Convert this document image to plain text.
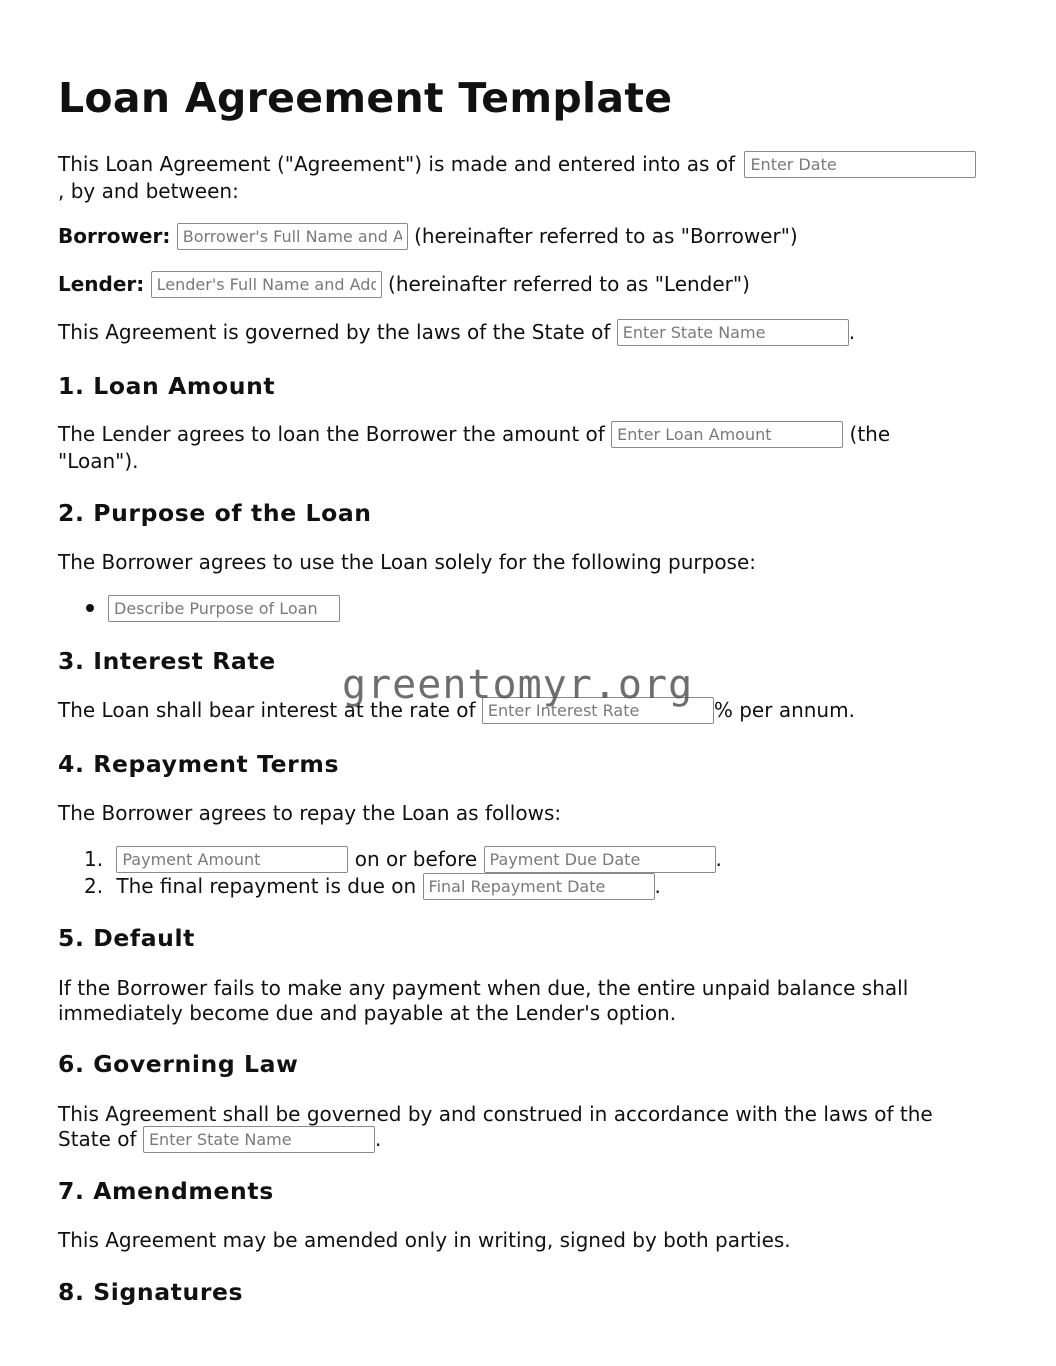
Loan Agreement Template
This Loan Agreement ("Agreement") is made and entered into as of Enter Date
, by and between:
Borrower: Borrower's Full Name and Address	(hereinafter referred to as "Borrower")
Lender: Lender's Full Name and Address	(hereinafter referred to as "Lender")
This Agreement is governed by the laws of the State of Enter State Name	.
1. Loan Amount
The Lender agrees to loan the Borrower the amount of Enter Loan Amount	(the
"Loan").
2. Purpose of the Loan
The Borrower agrees to use the Loan solely for the following purpose:
Describe Purpose of Loan
3. Interest Rate
The Loan shall bear interest at the rate of Enter Interest Rate	% per annum.
4. Repayment Terms
The Borrower agrees to repay the Loan as follows:
1. Payment Amount	on or before Payment Due Date	.
2. The final repayment is due on Final Repayment Date	.
5. Default
If the Borrower fails to make any payment when due, the entire unpaid balance shall
immediately become due and payable at the Lender's option.
6. Governing Law
This Agreement shall be governed by and construed in accordance with the laws of the
State of Enter State Name	.
7. Amendments
This Agreement may be amended only in writing, signed by both parties.
8. Signatures
greentomyr.org
